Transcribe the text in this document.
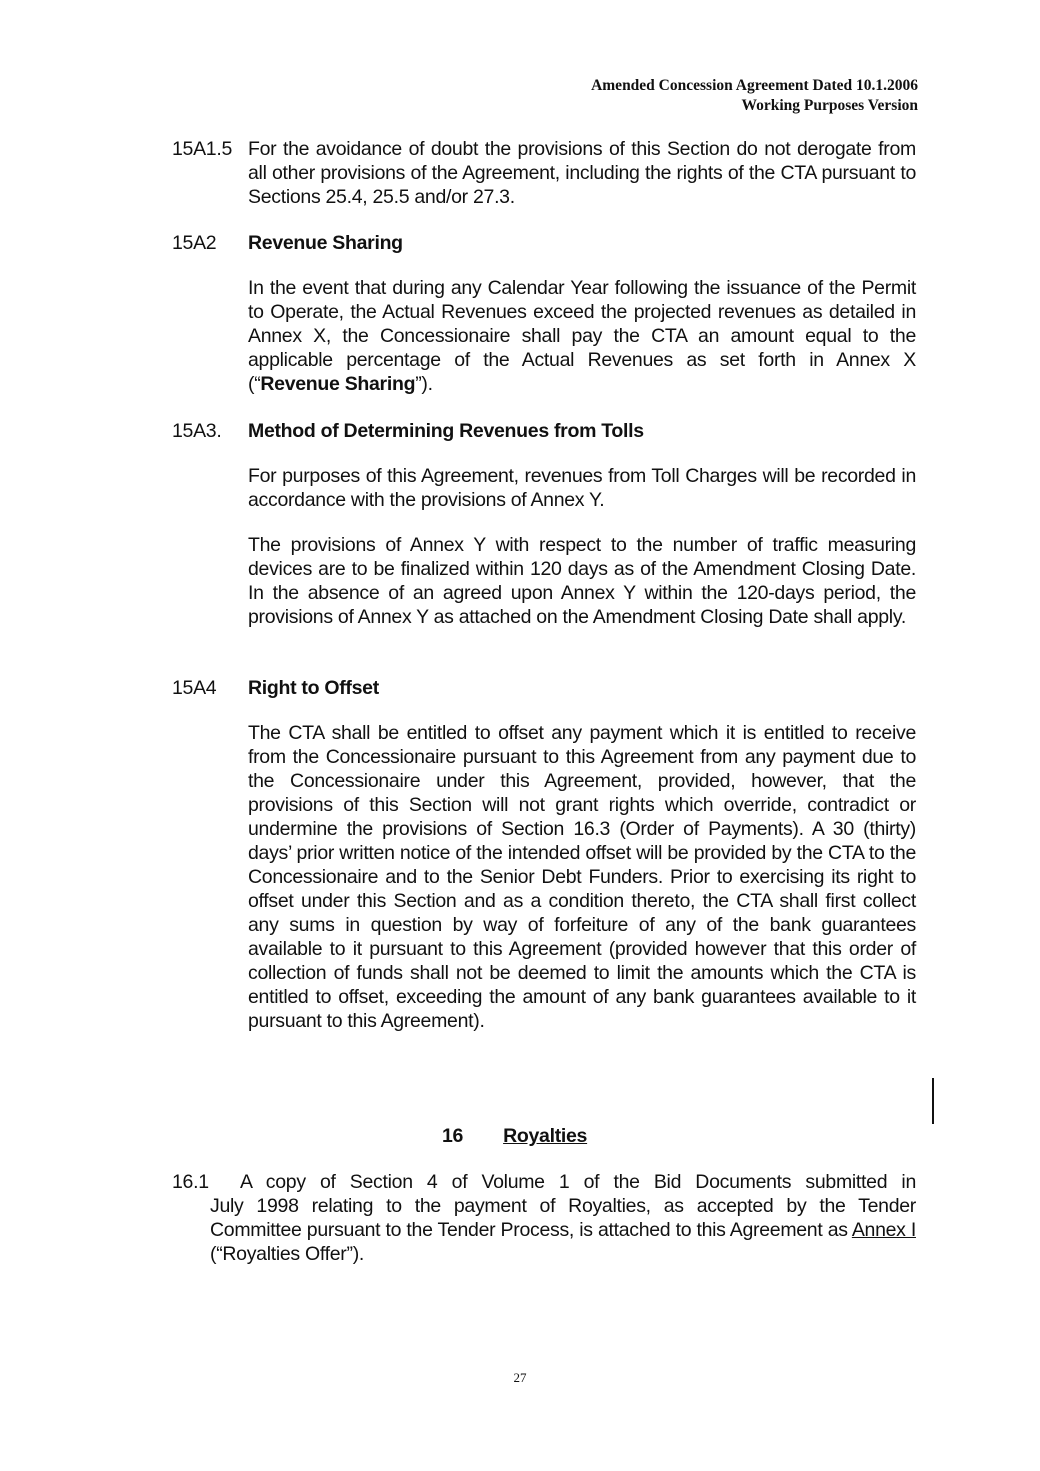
Amended Concession Agreement Dated 10.1.2006
Working Purposes Version
15A1.5 For the avoidance of doubt the provisions of this Section do not derogate from all other provisions of the Agreement, including the rights of the CTA pursuant to Sections 25.4, 25.5 and/or 27.3.

15A2 Revenue Sharing

In the event that during any Calendar Year following the issuance of the Permit to Operate, the Actual Revenues exceed the projected revenues as detailed in Annex X, the Concessionaire shall pay the CTA an amount equal to the applicable percentage of the Actual Revenues as set forth in Annex X (“Revenue Sharing”).

15A3. Method of Determining Revenues from Tolls

For purposes of this Agreement, revenues from Toll Charges will be recorded in accordance with the provisions of Annex Y.

The provisions of Annex Y with respect to the number of traffic measuring devices are to be finalized within 120 days as of the Amendment Closing Date. In the absence of an agreed upon Annex Y within the 120-days period, the provisions of Annex Y as attached on the Amendment Closing Date shall apply.

15A4 Right to Offset

The CTA shall be entitled to offset any payment which it is entitled to receive from the Concessionaire pursuant to this Agreement from any payment due to the Concessionaire under this Agreement, provided, however, that the provisions of this Section will not grant rights which override, contradict or undermine the provisions of Section 16.3 (Order of Payments). A 30 (thirty) days’ prior written notice of the intended offset will be provided by the CTA to the Concessionaire and to the Senior Debt Funders. Prior to exercising its right to offset under this Section and as a condition thereto, the CTA shall first collect any sums in question by way of forfeiture of any of the bank guarantees available to it pursuant to this Agreement (provided however that this order of collection of funds shall not be deemed to limit the amounts which the CTA is entitled to offset, exceeding the amount of any bank guarantees available to it pursuant to this Agreement).

16 Royalties
16.1	A copy of Section 4 of Volume 1 of the Bid Documents submitted in
July 1998 relating to the payment of Royalties, as accepted by the Tender Committee pursuant to the Tender Process, is attached to this Agreement as Annex I (“Royalties Offer”).
27
